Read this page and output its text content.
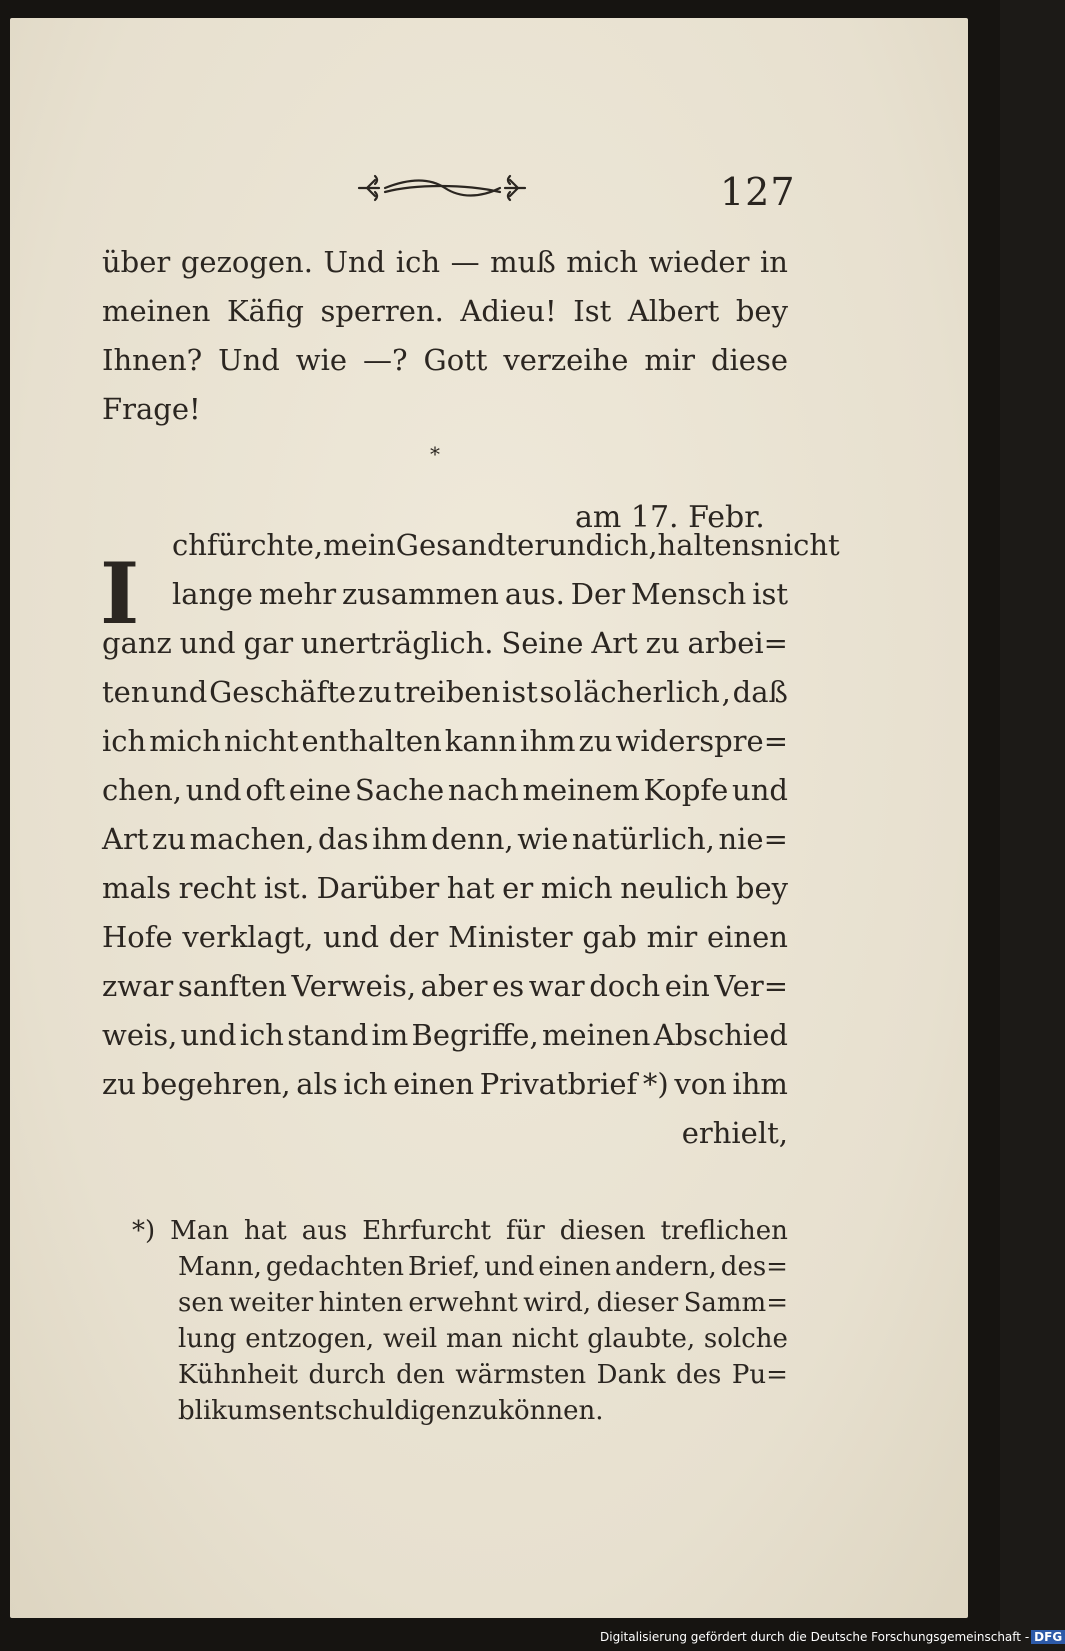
127
über gezogen. Und ich — muß mich wieder in
meinen Käfig sperren. Adieu! Ist Albert bey
Ihnen? Und wie —? Gott verzeihe mir diese
Frage!
*
am 17. Febr.
I ch fürchte, mein Gesandter und ich, haltens nicht
lange mehr zusammen aus. Der Mensch ist
ganz und gar unerträglich. Seine Art zu arbei=
ten und Geschäfte zu treiben ist so lächerlich , daß
ich mich nicht enthalten kann ihm zu widerspre=
chen, und oft eine Sache nach meinem Kopfe und
Art zu machen, das ihm denn, wie natürlich, nie=
mals recht ist. Darüber hat er mich neulich bey
Hofe verklagt, und der Minister gab mir einen
zwar sanften Verweis, aber es war doch ein Ver=
weis, und ich stand im Begriffe, meinen Abschied
zu begehren, als ich einen Privatbrief *) von ihm
erhielt,
*) Man hat aus Ehrfurcht für diesen treflichen
Mann, gedachten Brief, und einen andern, des=
sen weiter hinten erwehnt wird, dieser Samm=
lung entzogen, weil man nicht glaubte, solche
Kühnheit durch den wärmsten Dank des Pu=
blikums entschuldigen zu können.
Digitalisierung gefördert durch die Deutsche Forschungsgemeinschaft - DFG
